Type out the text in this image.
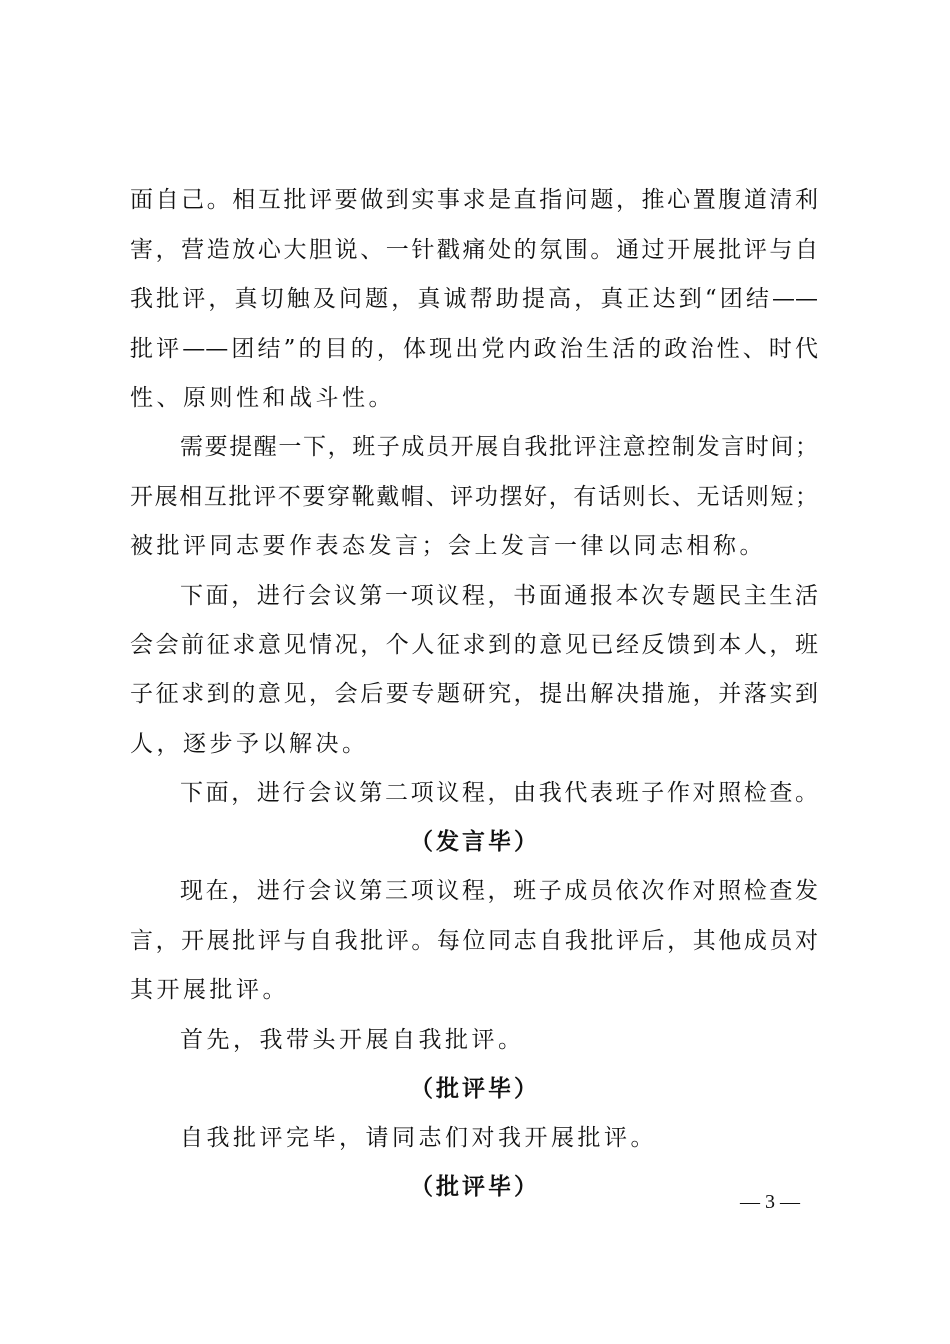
面自己。相互批评要做到实事求是直指问题，推心置腹道清利
害，营造放心大胆说、一针戳痛处的氛围。通过开展批评与自
我批评，真切触及问题，真诚帮助提高，真正达到“团结——
批评——团结”的目的，体现出党内政治生活的政治性、时代
性、原则性和战斗性。
需要提醒一下，班子成员开展自我批评注意控制发言时间；
开展相互批评不要穿靴戴帽、评功摆好，有话则长、无话则短；
被批评同志要作表态发言；会上发言一律以同志相称。
下面，进行会议第一项议程，书面通报本次专题民主生活
会会前征求意见情况，个人征求到的意见已经反馈到本人，班
子征求到的意见，会后要专题研究，提出解决措施，并落实到
人，逐步予以解决。
下面，进行会议第二项议程，由我代表班子作对照检查。
（发言毕）
现在，进行会议第三项议程，班子成员依次作对照检查发
言，开展批评与自我批评。每位同志自我批评后，其他成员对
其开展批评。
首先，我带头开展自我批评。
（批评毕）
自我批评完毕，请同志们对我开展批评。
（批评毕）
— 3 —
